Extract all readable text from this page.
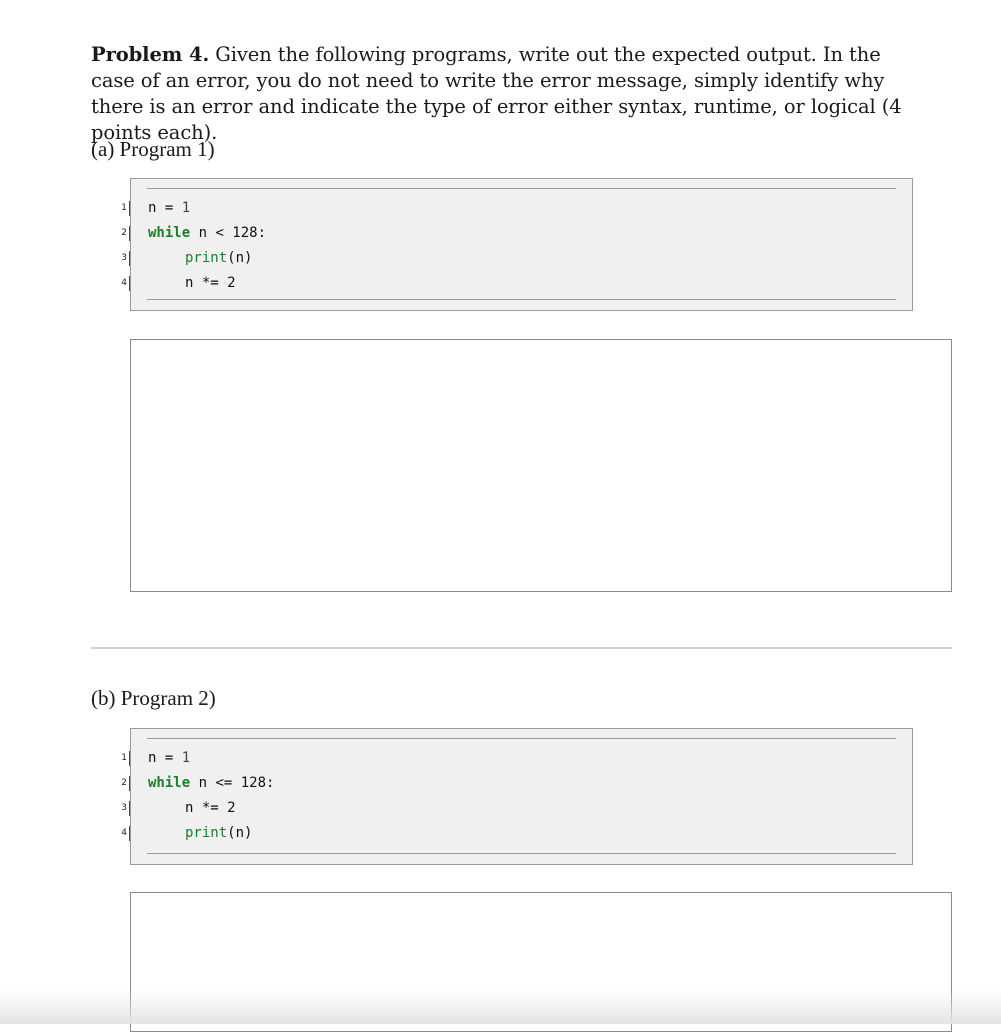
Problem 4. Given the following programs, write out the expected output. In the case of an error, you do not need to write the error message, simply identify why there is an error and indicate the type of error either syntax, runtime, or logical (4 points each).
(a) Program 1)
1 n = 1
2 while n < 128:
3	print(n)
4	n *= 2
(b) Program 2)
1 n = 1
2 while n <= 128:
3	n *= 2
4	print(n)
